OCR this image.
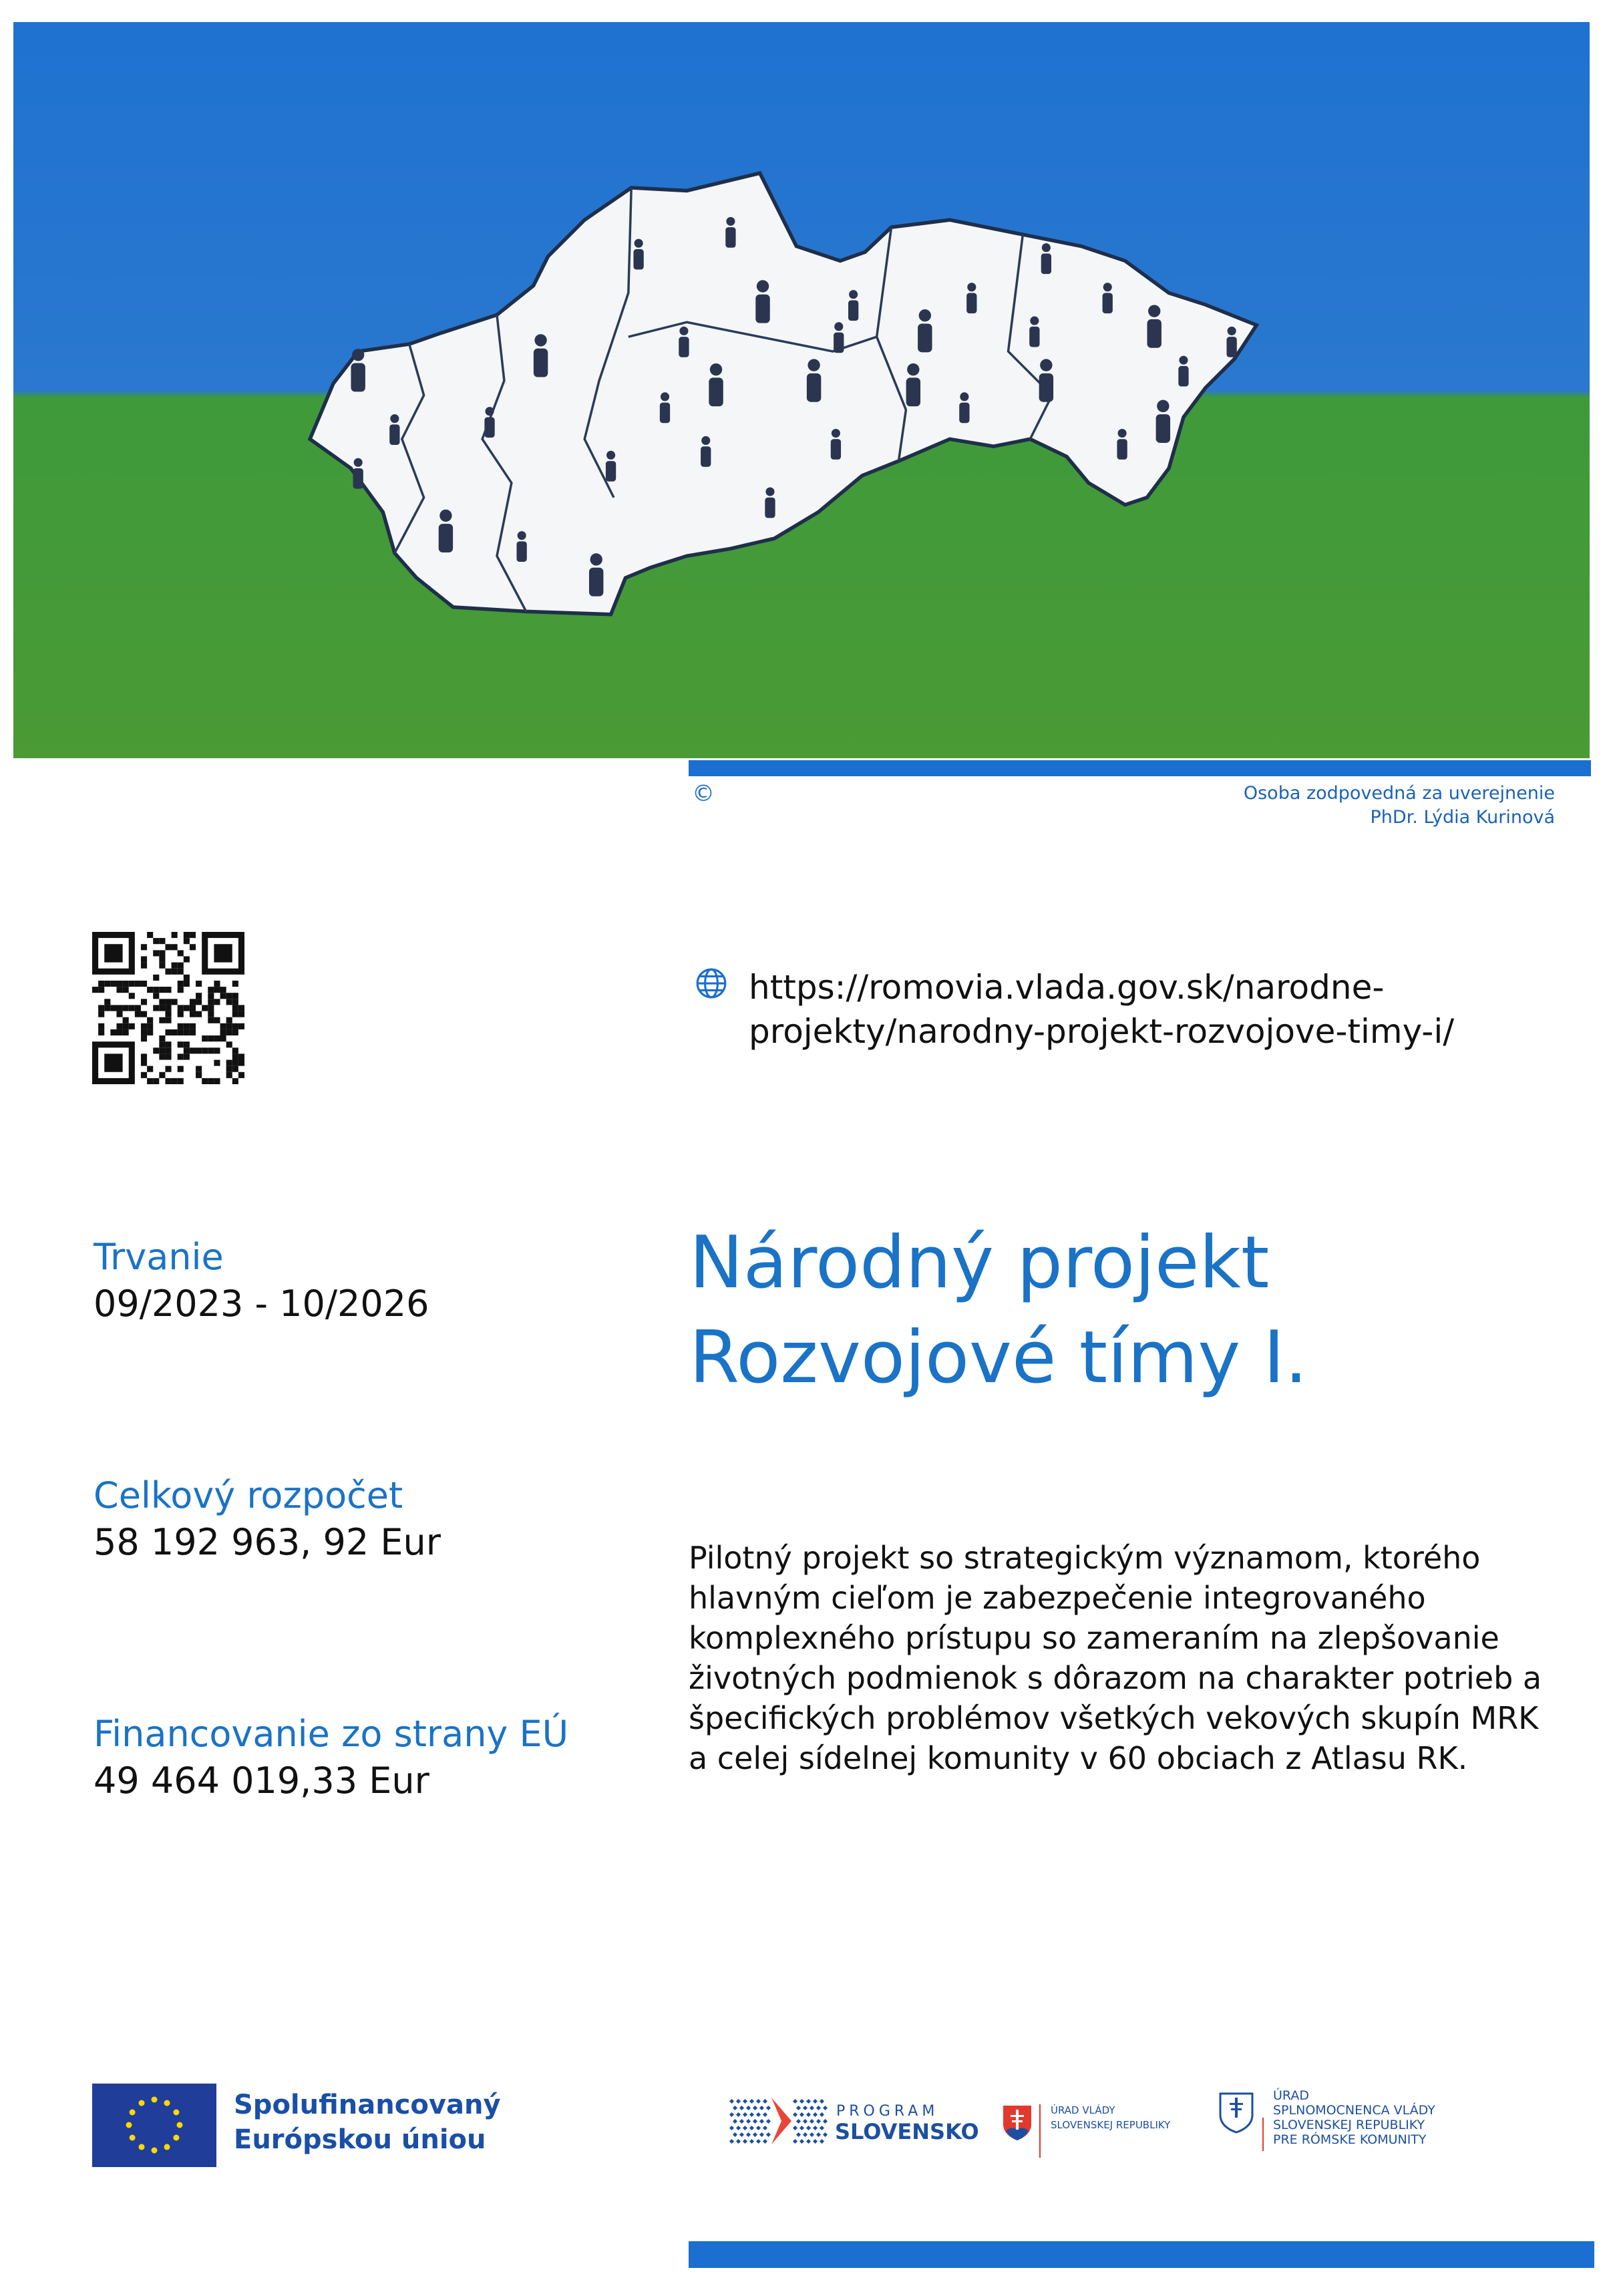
©	Osoba zodpovedná za uverejnenie
PhDr. Lýdia Kurinová
https://romovia.vlada.gov.sk/narodne-
projekty/narodny-projekt-rozvojove-timy-i/
Trvanie
09/2023 - 10/2026
Celkový rozpočet
58 192 963, 92 Eur
Financovanie zo strany EÚ
49 464 019,33 Eur
Národný projekt
Rozvojové tímy I.
Pilotný projekt so strategickým významom, ktorého hlavným cieľom je zabezpečenie integrovaného komplexného prístupu so zameraním na zlepšovanie životných podmienok s dôrazom na charakter potrieb a špecifických problémov všetkých vekových skupín MRK a celej sídelnej komunity v 60 obciach z Atlasu RK.
Spolufinancovaný
Európskou úniou
PROGRAM
SLOVENSKO
ÚRAD VLÁDY
SLOVENSKEJ REPUBLIKY
ÚRAD
SPLNOMOCNENCA VLÁDY
SLOVENSKEJ REPUBLIKY
PRE RÓMSKE KOMUNITY
